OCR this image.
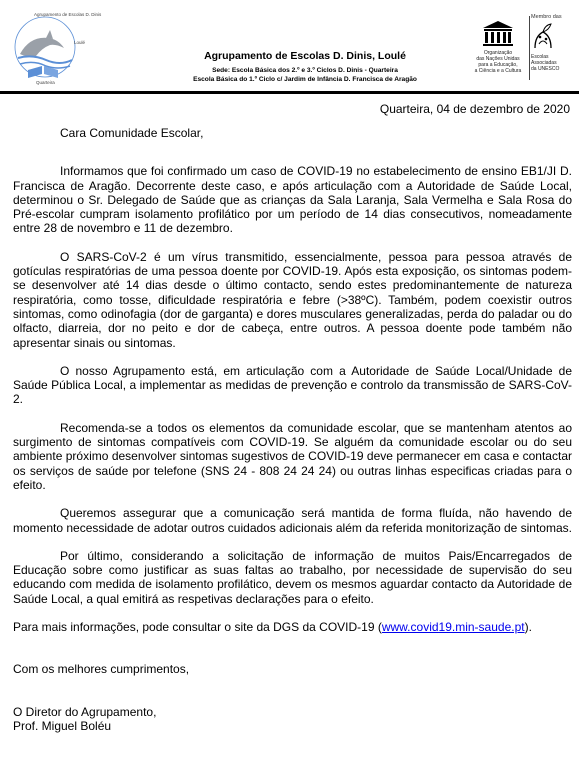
Agrupamento de Escolas D. Dinis
Loulé
Quarteira

Agrupamento de Escolas D. Dinis, Loulé

Sede: Escola Básica dos 2.º e 3.º Ciclos D. Dinis - Quarteira

Escola Básica do 1.º Ciclo c/ Jardim de Infância D. Francisca de Aragão

Organização
das Nações Unidas
para a Educação,
a Ciência e a Cultura

Membro das

Escolas
Associadas
da UNESCO
Quarteira, 04 de dezembro de 2020

Cara Comunidade Escolar,

Informamos que foi confirmado um caso de COVID-19 no estabelecimento de ensino EB1/JI D. Francisca de Aragão. Decorrente deste caso, e após articulação com a Autoridade de Saúde Local, determinou o Sr. Delegado de Saúde que as crianças da Sala Laranja, Sala Vermelha e Sala Rosa do Pré-escolar cumpram isolamento profilático por um período de 14 dias consecutivos, nomeadamente entre 28 de novembro e 11 de dezembro.

O SARS-CoV-2 é um vírus transmitido, essencialmente, pessoa para pessoa através de gotículas respiratórias de uma pessoa doente por COVID-19. Após esta exposição, os sintomas podem-se desenvolver até 14 dias desde o último contacto, sendo estes predominantemente de natureza respiratória, como tosse, dificuldade respiratória e febre (>38ºC). Também, podem coexistir outros sintomas, como odinofagia (dor de garganta) e dores musculares generalizadas, perda do paladar ou do olfacto, diarreia, dor no peito e dor de cabeça, entre outros. A pessoa doente pode também não apresentar sinais ou sintomas.

O nosso Agrupamento está, em articulação com a Autoridade de Saúde Local/Unidade de Saúde Pública Local, a implementar as medidas de prevenção e controlo da transmissão de SARS-CoV-2.

Recomenda-se a todos os elementos da comunidade escolar, que se mantenham atentos ao surgimento de sintomas compatíveis com COVID-19. Se alguém da comunidade escolar ou do seu ambiente próximo desenvolver sintomas sugestivos de COVID-19 deve permanecer em casa e contactar os serviços de saúde por telefone (SNS 24 - 808 24 24 24) ou outras linhas especificas criadas para o efeito.

Queremos assegurar que a comunicação será mantida de forma fluída, não havendo de momento necessidade de adotar outros cuidados adicionais além da referida monitorização de sintomas.

Por último, considerando a solicitação de informação de muitos Pais/Encarregados de Educação sobre como justificar as suas faltas ao trabalho, por necessidade de supervisão do seu educando com medida de isolamento profilático, devem os mesmos aguardar contacto da Autoridade de Saúde Local, a qual emitirá as respetivas declarações para o efeito.

Para mais informações, pode consultar o site da DGS da COVID-19 (www.covid19.min-saude.pt).

Com os melhores cumprimentos,

O Diretor do Agrupamento,

Prof. Miguel Boléu
